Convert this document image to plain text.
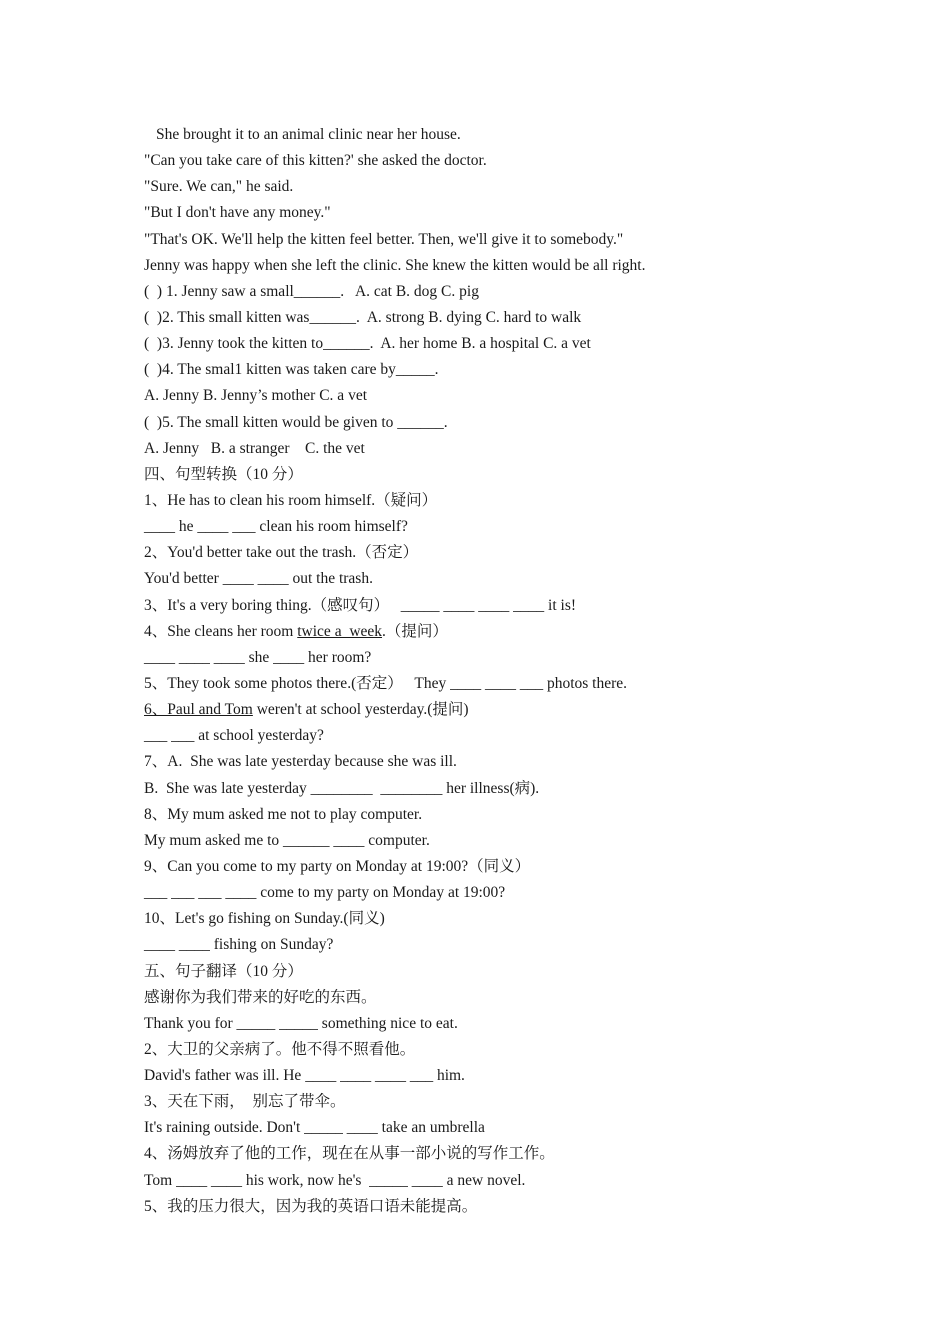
She brought it to an animal clinic near her house.
"Can you take care of this kitten?' she asked the doctor.
"Sure. We can," he said.
"But I don't have any money."
"That's OK. We'll help the kitten feel better. Then, we'll give it to somebody."
Jenny was happy when she left the clinic. She knew the kitten would be all right.
(  ) 1. Jenny saw a small______.   A. cat B. dog C. pig
(  )2. This small kitten was______.  A. strong B. dying C. hard to walk
(  )3. Jenny took the kitten to______.  A. her home B. a hospital C. a vet
(  )4. The smal1 kitten was taken care by_____.
A. Jenny B. Jenny’s mother C. a vet
(  )5. The small kitten would be given to ______.
A. Jenny   B. a stranger    C. the vet
四、句型转换（10 分）
1、He has to clean his room himself.（疑问）
____ he ____ ___ clean his room himself?
2、You'd better take out the trash.（否定）
You'd better ____ ____ out the trash.
3、It's a very boring thing.（感叹句）   _____ ____ ____ ____ it is!
4、She cleans her room twice a  week.（提问）
____ ____ ____ she ____ her room?
5、They took some photos there.(否定）   They ____ ____ ___ photos there.
6、Paul and Tom weren't at school yesterday.(提问)
___ ___ at school yesterday?
7、A.  She was late yesterday because she was ill.
B.  She was late yesterday ________  ________ her illness(病).
8、My mum asked me not to play computer.
My mum asked me to ______ ____ computer.
9、Can you come to my party on Monday at 19:00?（同义）
___ ___ ___ ____ come to my party on Monday at 19:00?
10、Let's go fishing on Sunday.(同义)
____ ____ fishing on Sunday?
五、句子翻译（10 分）
感谢你为我们带来的好吃的东西。
Thank you for _____ _____ something nice to eat.
2、大卫的父亲病了。他不得不照看他。
David's father was ill. He ____ ____ ____ ___ him.
3、天在下雨，  别忘了带伞。
It's raining outside. Don't _____ ____ take an umbrella
4、汤姆放弃了他的工作，现在在从事一部小说的写作工作。
Tom ____ ____ his work, now he's  _____ ____ a new novel.
5、我的压力很大，因为我的英语口语未能提高。
